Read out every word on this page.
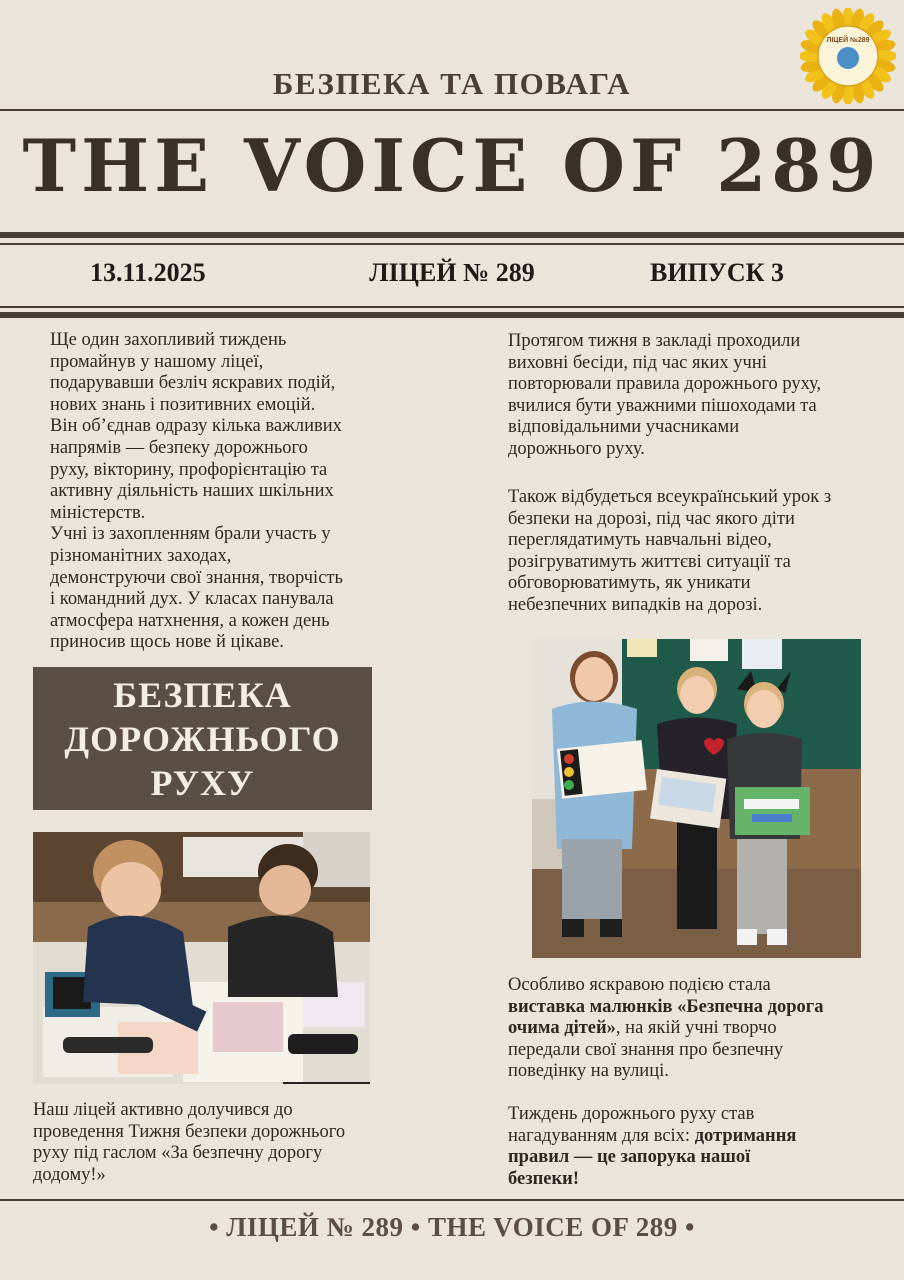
ЛІЦЕЙ №289
БЕЗПЕКА ТА ПОВАГА
THE VOICE OF 289
13.11.2025	ЛІЦЕЙ № 289	ВИПУСК 3
Ще один захопливий тиждень
промайнув у нашому ліцеї,
подарувавши безліч яскравих подій,
нових знань і позитивних емоцій.
Він об’єднав одразу кілька важливих
напрямів — безпеку дорожнього
руху, вікторину, профорієнтацію та
активну діяльність наших шкільних
міністерств.
Учні із захопленням брали участь у
різноманітних заходах,
демонструючи свої знання, творчість
і командний дух. У класах панувала
атмосфера натхнення, а кожен день
приносив щось нове й цікаве.
БЕЗПЕКА
ДОРОЖНЬОГО
РУХУ
Наш ліцей активно долучився до
проведення Тижня безпеки дорожнього
руху під гаслом «За безпечну дорогу
додому!»
Протягом тижня в закладі проходили
виховні бесіди, під час яких учні
повторювали правила дорожнього руху,
вчилися бути уважними пішоходами та
відповідальними учасниками
дорожнього руху.
Також відбудеться всеукраїнський урок з
безпеки на дорозі, під час якого діти
переглядатимуть навчальні відео,
розігруватимуть життєві ситуації та
обговорюватимуть, як уникати
небезпечних випадків на дорозі.
Особливо яскравою подією стала
виставка малюнків «Безпечна дорога
очима дітей», на якій учні творчо
передали свої знання про безпечну
поведінку на вулиці.
Тиждень дорожнього руху став
нагадуванням для всіх: дотримання
правил — це запорука нашої
безпеки!
• ЛІЦЕЙ № 289 • THE VOICE OF 289 •
